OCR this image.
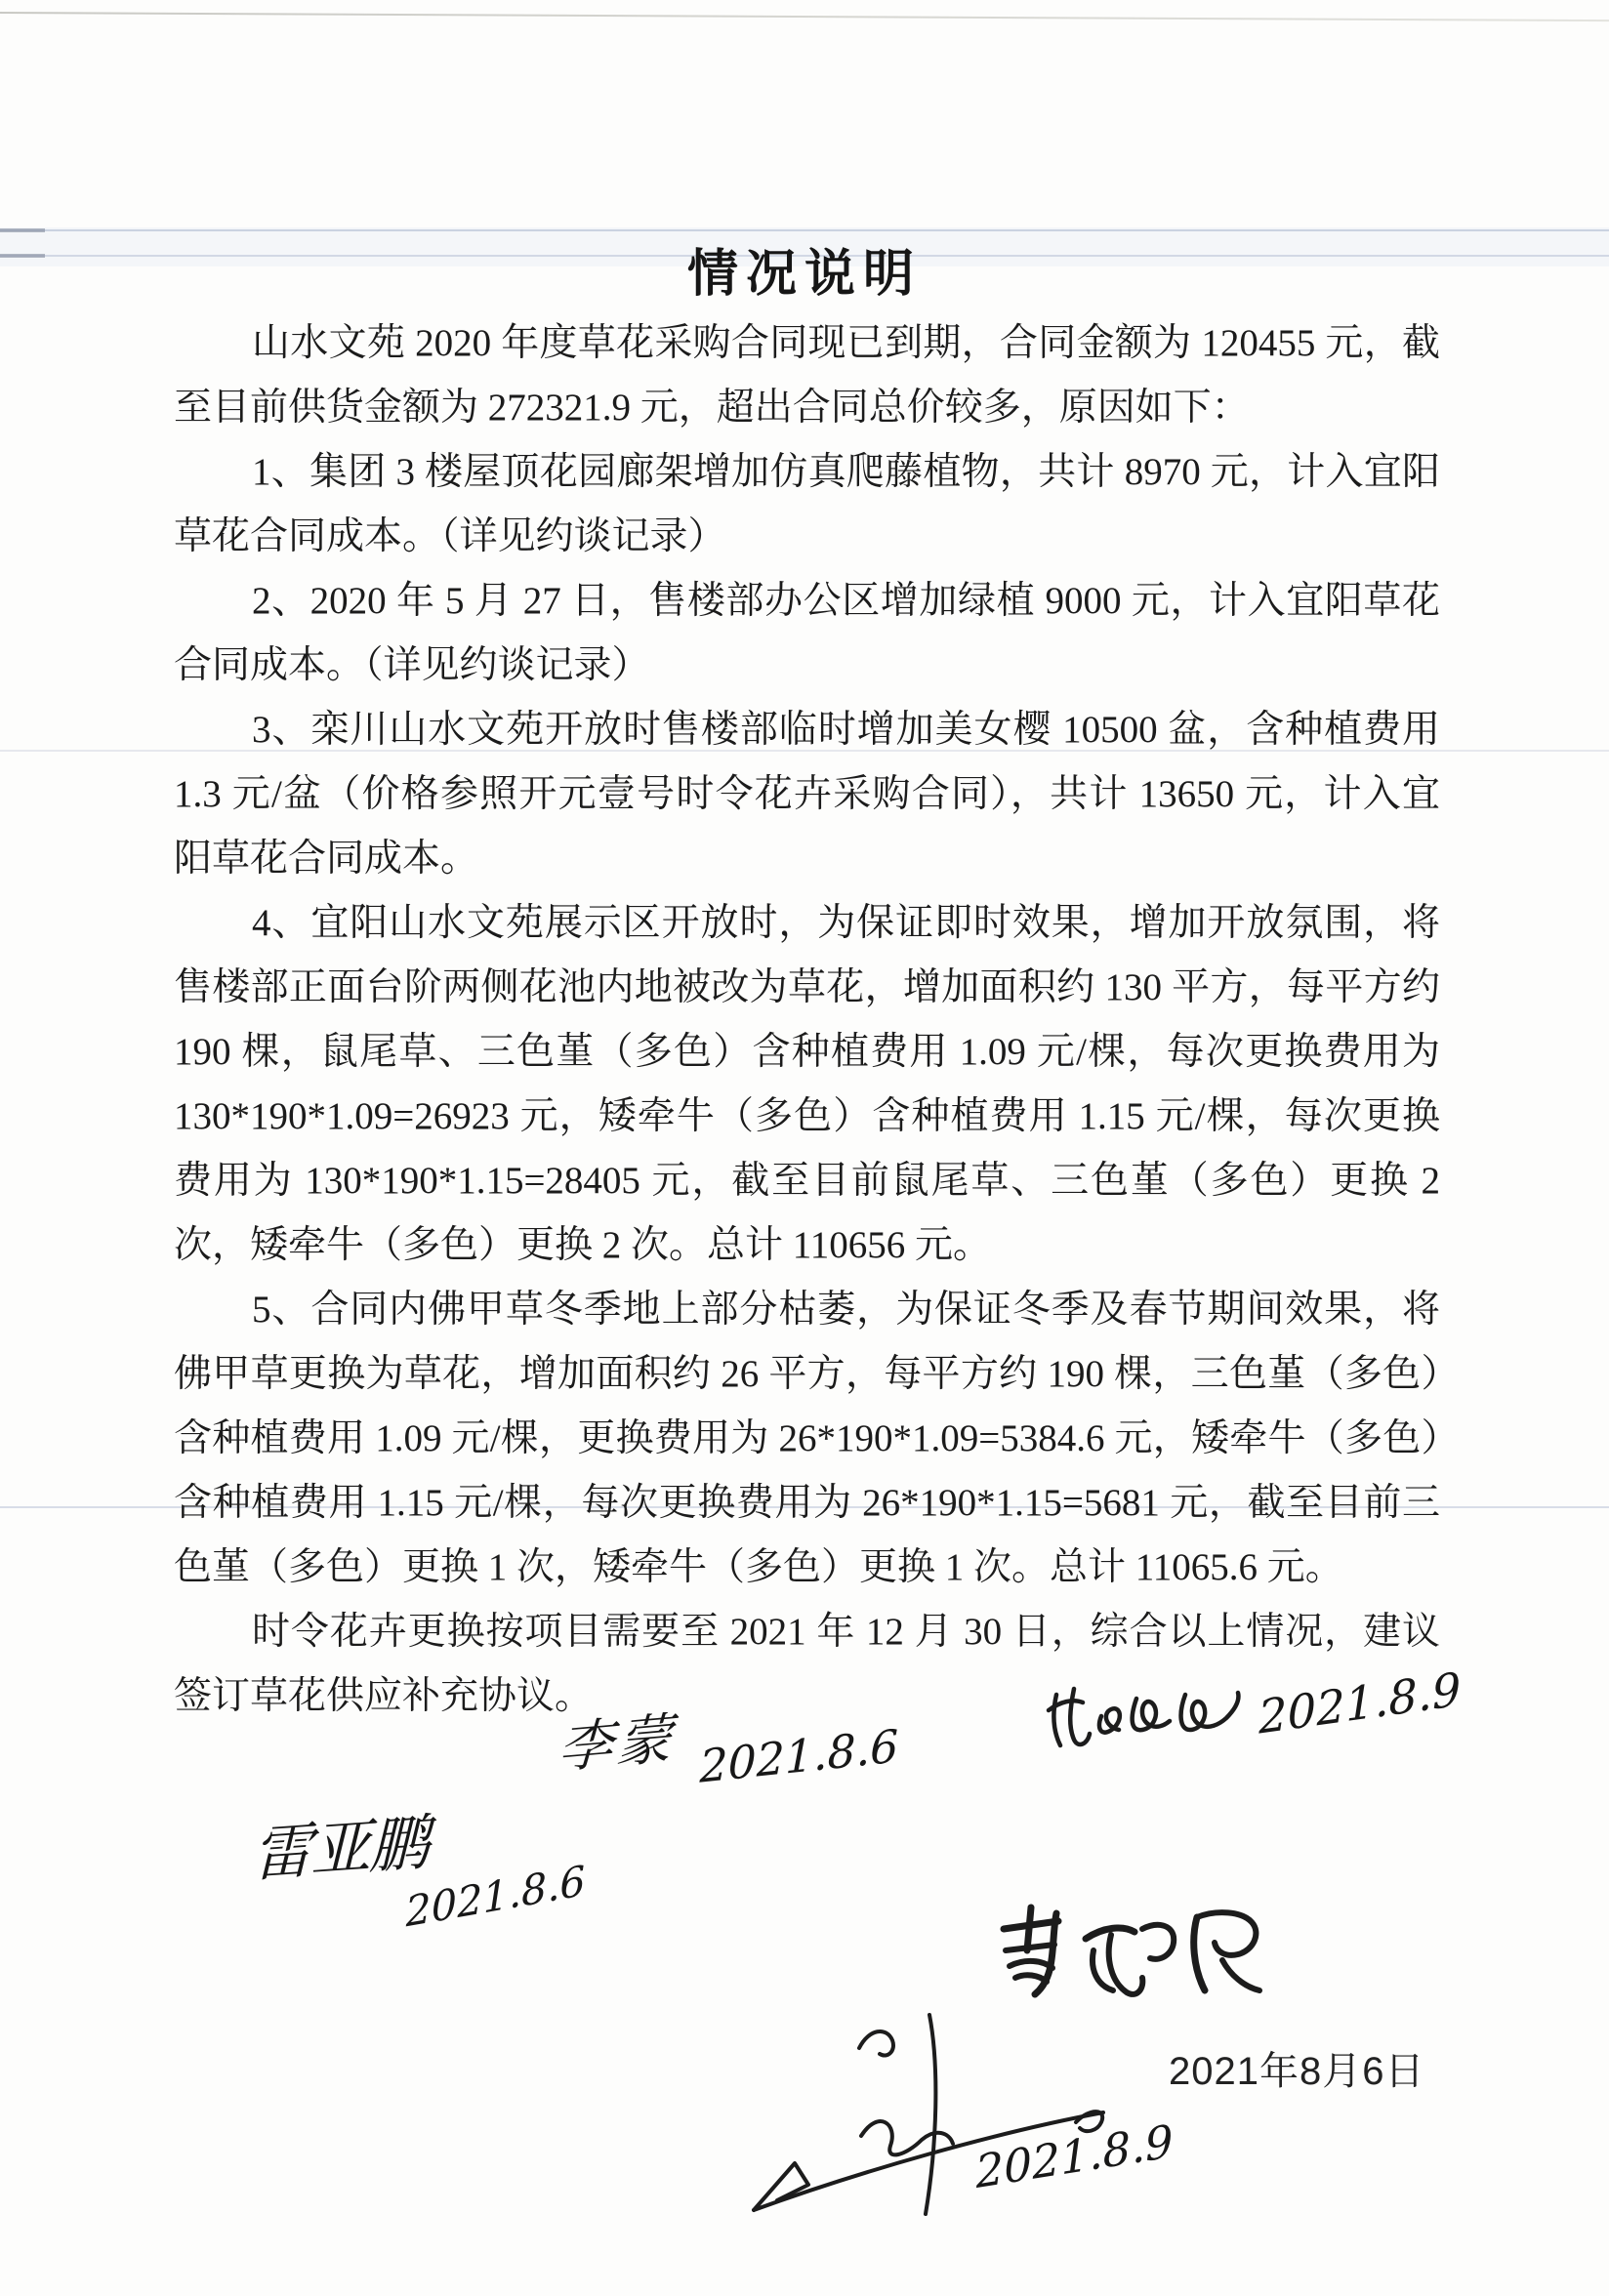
情况说明

山水文苑 2020 年度草花采购合同现已到期，合同金额为 120455 元，截至目前供货金额为 272321.9 元，超出合同总价较多，原因如下：

1、集团 3 楼屋顶花园廊架增加仿真爬藤植物，共计 8970 元，计入宜阳草花合同成本。（详见约谈记录）

2、2020 年 5 月 27 日，售楼部办公区增加绿植 9000 元，计入宜阳草花合同成本。（详见约谈记录）

3、栾川山水文苑开放时售楼部临时增加美女樱 10500 盆，含种植费用 1.3 元/盆（价格参照开元壹号时令花卉采购合同），共计 13650 元，计入宜阳草花合同成本。

4、宜阳山水文苑展示区开放时，为保证即时效果，增加开放氛围，将售楼部正面台阶两侧花池内地被改为草花，增加面积约 130 平方，每平方约 190 棵，鼠尾草、三色堇（多色）含种植费用 1.09 元/棵，每次更换费用为 130*190*1.09=26923 元，矮牵牛（多色）含种植费用 1.15 元/棵，每次更换费用为 130*190*1.15=28405 元，截至目前鼠尾草、三色堇（多色）更换 2 次，矮牵牛（多色）更换 2 次。总计 110656 元。

5、合同内佛甲草冬季地上部分枯萎，为保证冬季及春节期间效果，将佛甲草更换为草花，增加面积约 26 平方，每平方约 190 棵，三色堇（多色）含种植费用 1.09 元/棵，更换费用为 26*190*1.09=5384.6 元，矮牵牛（多色）含种植费用 1.15 元/棵，每次更换费用为 26*190*1.15=5681 元，截至目前三色堇（多色）更换 1 次，矮牵牛（多色）更换 1 次。总计 11065.6 元。

时令花卉更换按项目需要至 2021 年 12 月 30 日，综合以上情况，建议签订草花供应补充协议。

李蒙 2021.8.6
2021.8.9
雷亚鹏
2021.8.6
2021.8.9
2021年8月6日
